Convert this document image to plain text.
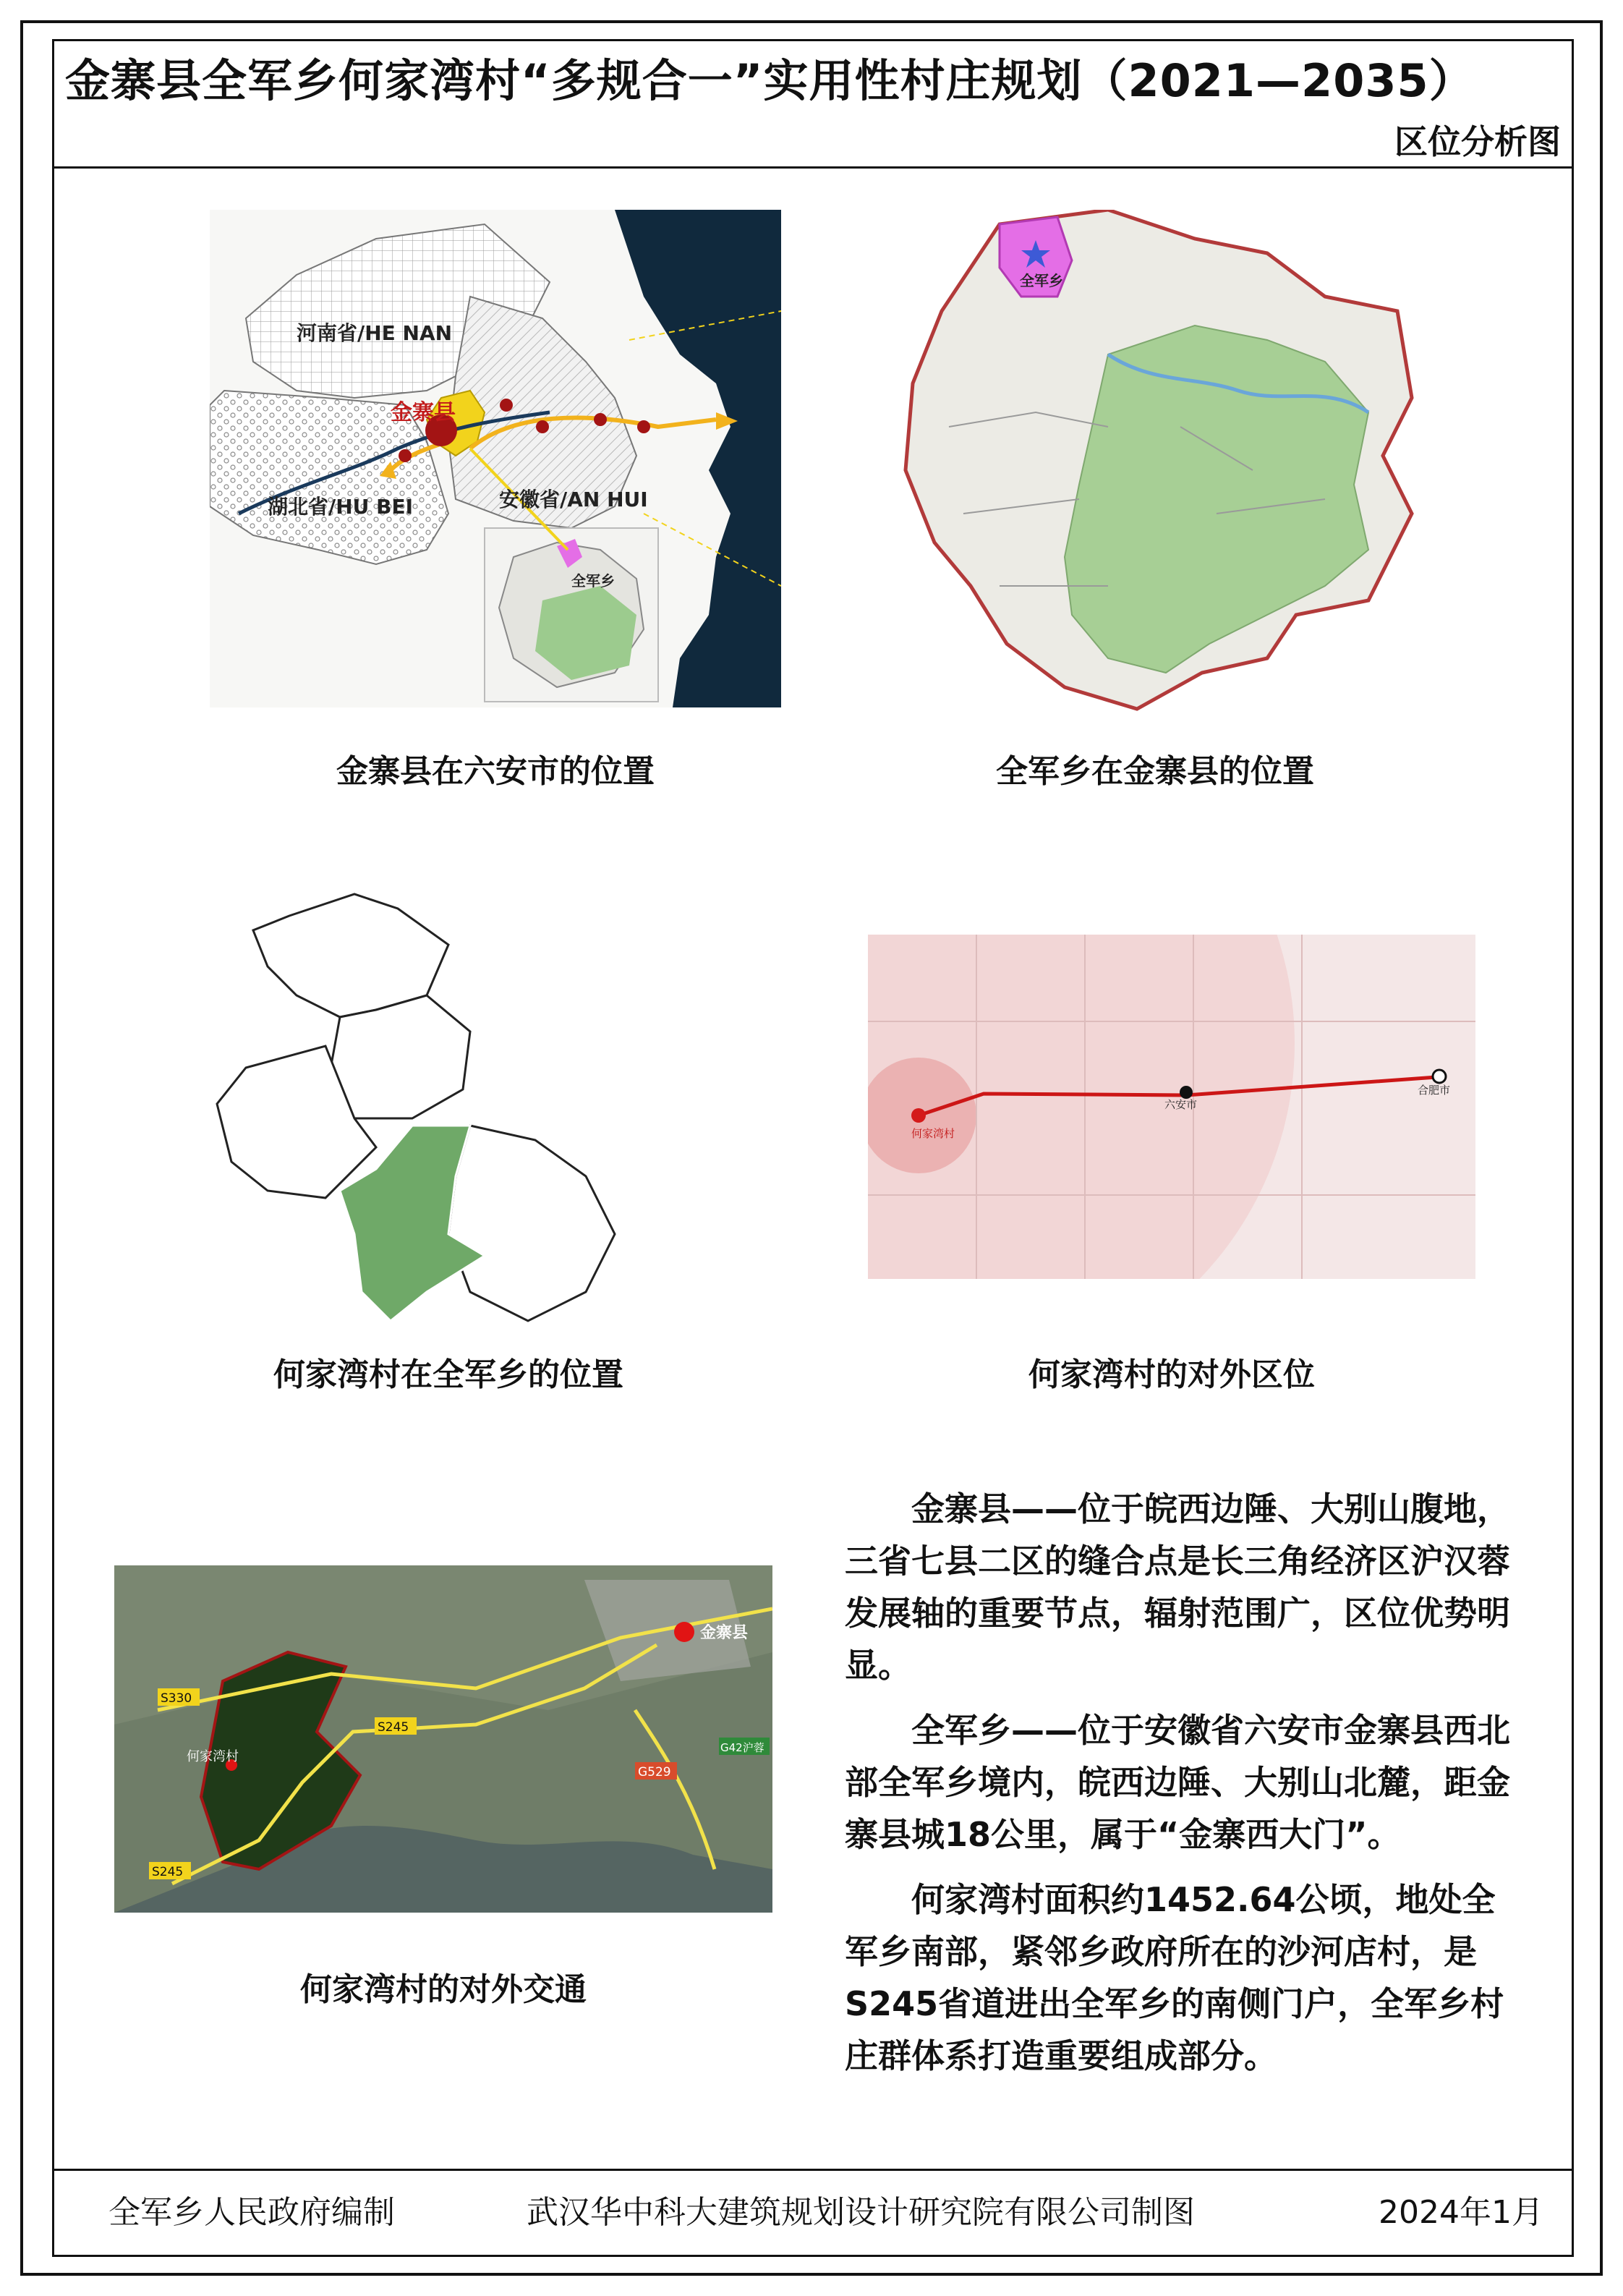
金寨县全军乡何家湾村“多规合一”实用性村庄规划（2021—2035）
区位分析图
河南省/HE NAN
湖北省/HU BEI	安徽省/AN HUI
金寨县
全军乡
金寨县在六安市的位置
全军乡
全军乡在金寨县的位置
何家湾村在全军乡的位置
何家湾村
六安市
合肥市
何家湾村的对外区位
金寨县
何家湾村
S330
S245
S245
G529
G42沪蓉
何家湾村的对外交通

金寨县——位于皖西边陲、大别山腹地，三省七县二区的缝合点是长三角经济区沪汉蓉发展轴的重要节点，辐射范围广，区位优势明显。

全军乡——位于安徽省六安市金寨县西北部全军乡境内，皖西边陲、大别山北麓，距金寨县城18公里，属于“金寨西大门”。

何家湾村面积约1452.64公顷，地处全军乡南部，紧邻乡政府所在的沙河店村，是S245省道进出全军乡的南侧门户，全军乡村庄群体系打造重要组成部分。

全军乡人民政府编制	武汉华中科大建筑规划设计研究院有限公司制图	2024年1月
